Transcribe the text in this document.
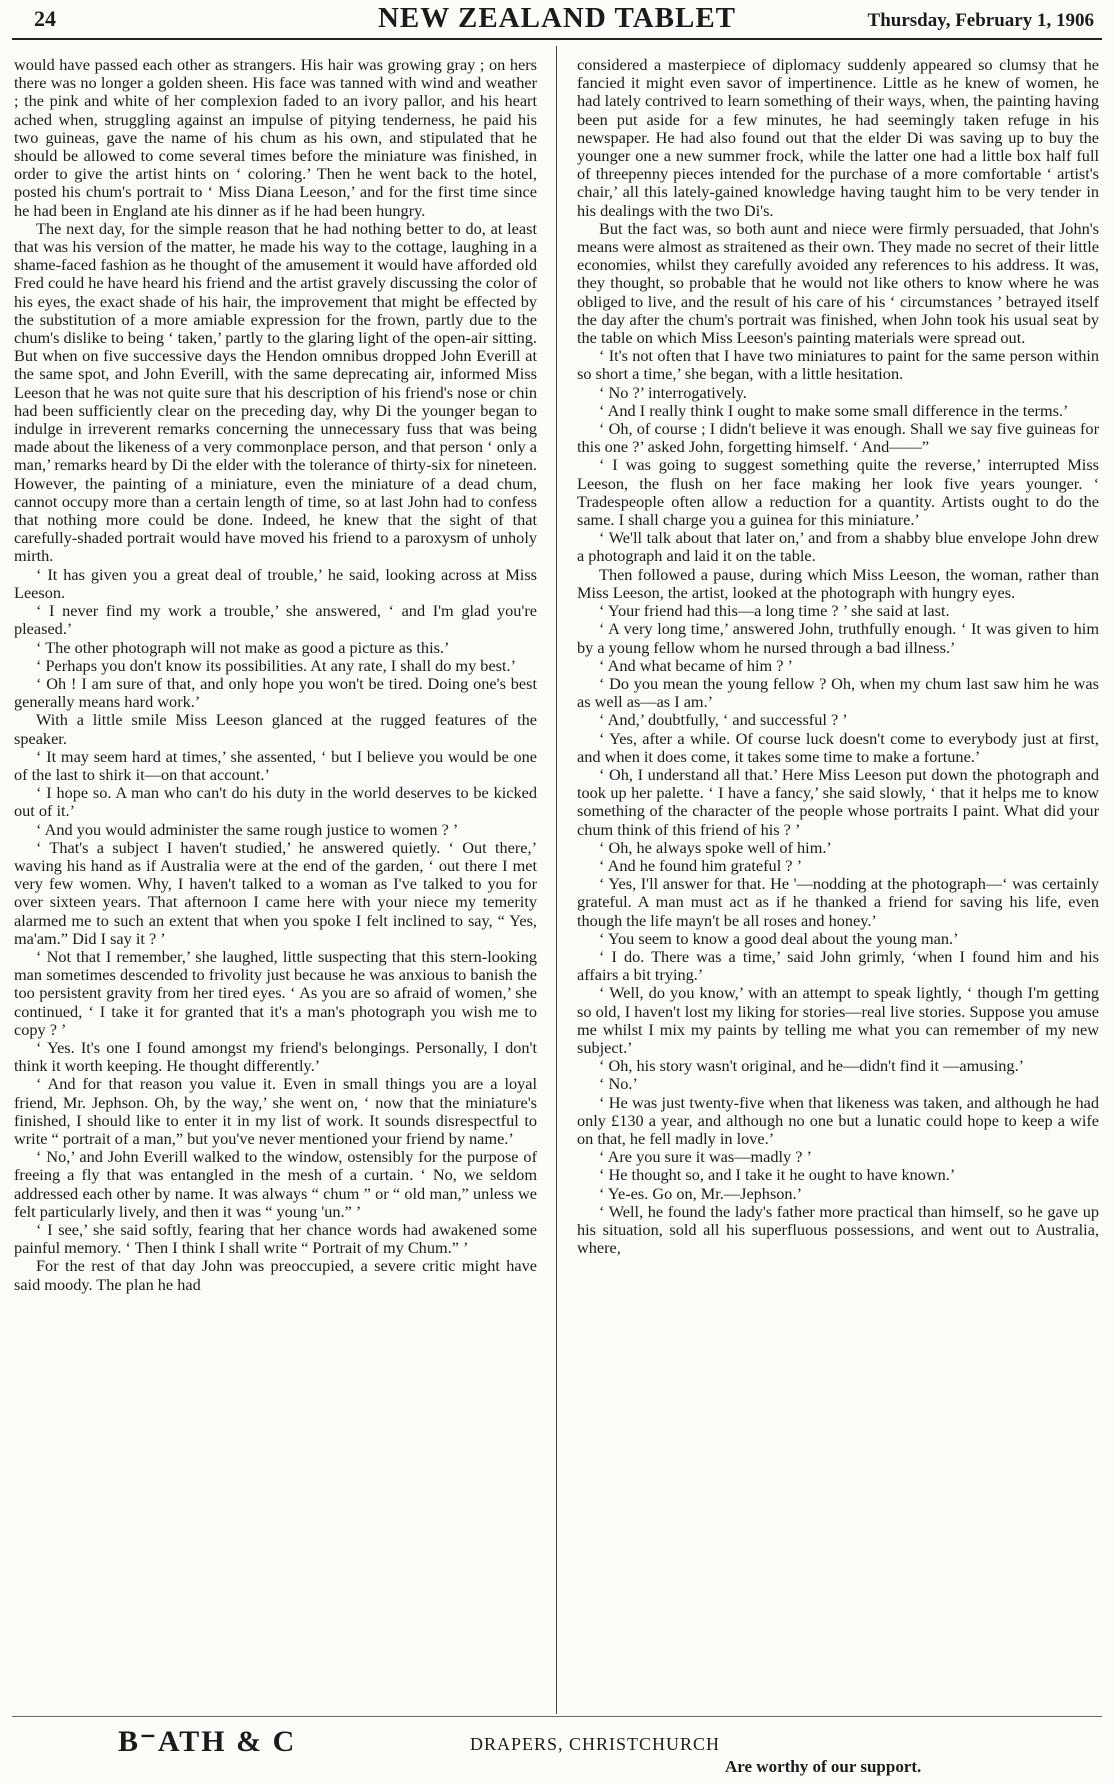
24	NEW ZEALAND TABLET	Thursday, February 1, 1906

would have passed each other as strangers. His hair was growing gray ; on hers there was no longer a golden sheen. His face was tanned with wind and weather ; the pink and white of her complexion faded to an ivory pallor, and his heart ached when, struggling against an impulse of pitying tenderness, he paid his two guineas, gave the name of his chum as his own, and stipulated that he should be allowed to come several times before the miniature was finished, in order to give the artist hints on ‘ coloring.’ Then he went back to the hotel, posted his chum's portrait to ‘ Miss Diana Leeson,’ and for the first time since he had been in England ate his dinner as if he had been hungry.

The next day, for the simple reason that he had nothing better to do, at least that was his version of the matter, he made his way to the cottage, laughing in a shame-faced fashion as he thought of the amusement it would have afforded old Fred could he have heard his friend and the artist gravely discussing the color of his eyes, the exact shade of his hair, the improvement that might be effected by the substitution of a more amiable expression for the frown, partly due to the chum's dislike to being ‘ taken,’ partly to the glaring light of the open-air sitting. But when on five successive days the Hendon omnibus dropped John Everill at the same spot, and John Everill, with the same deprecating air, informed Miss Leeson that he was not quite sure that his description of his friend's nose or chin had been sufficiently clear on the preceding day, why Di the younger began to indulge in irreverent remarks concerning the unnecessary fuss that was being made about the likeness of a very commonplace person, and that person ‘ only a man,’ remarks heard by Di the elder with the tolerance of thirty-six for nineteen. However, the painting of a miniature, even the miniature of a dead chum, cannot occupy more than a certain length of time, so at last John had to confess that nothing more could be done. Indeed, he knew that the sight of that carefully-shaded portrait would have moved his friend to a paroxysm of unholy mirth.

‘ It has given you a great deal of trouble,’ he said, looking across at Miss Leeson.

‘ I never find my work a trouble,’ she answered, ‘ and I'm glad you're pleased.’

‘ The other photograph will not make as good a picture as this.’

‘ Perhaps you don't know its possibilities. At any rate, I shall do my best.’

‘ Oh ! I am sure of that, and only hope you won't be tired. Doing one's best generally means hard work.’

With a little smile Miss Leeson glanced at the rugged features of the speaker.

‘ It may seem hard at times,’ she assented, ‘ but I believe you would be one of the last to shirk it—on that account.’

‘ I hope so. A man who can't do his duty in the world deserves to be kicked out of it.’

‘ And you would administer the same rough justice to women ? ’

‘ That's a subject I haven't studied,’ he answered quietly. ‘ Out there,’ waving his hand as if Australia were at the end of the garden, ‘ out there I met very few women. Why, I haven't talked to a woman as I've talked to you for over sixteen years. That afternoon I came here with your niece my temerity alarmed me to such an extent that when you spoke I felt inclined to say, “ Yes, ma'am.” Did I say it ? ’

‘ Not that I remember,’ she laughed, little suspecting that this stern-looking man sometimes descended to frivolity just because he was anxious to banish the too persistent gravity from her tired eyes. ‘ As you are so afraid of women,’ she continued, ‘ I take it for granted that it's a man's photograph you wish me to copy ? ’

‘ Yes. It's one I found amongst my friend's belongings. Personally, I don't think it worth keeping. He thought differently.’

‘ And for that reason you value it. Even in small things you are a loyal friend, Mr. Jephson. Oh, by the way,’ she went on, ‘ now that the miniature's finished, I should like to enter it in my list of work. It sounds disrespectful to write “ portrait of a man,” but you've never mentioned your friend by name.’

‘ No,’ and John Everill walked to the window, ostensibly for the purpose of freeing a fly that was entangled in the mesh of a curtain. ‘ No, we seldom addressed each other by name. It was always “ chum ” or “ old man,” unless we felt particularly lively, and then it was “ young 'un.” ’

‘ I see,’ she said softly, fearing that her chance words had awakened some painful memory. ‘ Then I think I shall write “ Portrait of my Chum.” ’

For the rest of that day John was preoccupied, a severe critic might have said moody. The plan he had

considered a masterpiece of diplomacy suddenly appeared so clumsy that he fancied it might even savor of impertinence. Little as he knew of women, he had lately contrived to learn something of their ways, when, the painting having been put aside for a few minutes, he had seemingly taken refuge in his newspaper. He had also found out that the elder Di was saving up to buy the younger one a new summer frock, while the latter one had a little box half full of threepenny pieces intended for the purchase of a more comfortable ‘ artist's chair,’ all this lately-gained knowledge having taught him to be very tender in his dealings with the two Di's.

But the fact was, so both aunt and niece were firmly persuaded, that John's means were almost as straitened as their own. They made no secret of their little economies, whilst they carefully avoided any references to his address. It was, they thought, so probable that he would not like others to know where he was obliged to live, and the result of his care of his ‘ circumstances ’ betrayed itself the day after the chum's portrait was finished, when John took his usual seat by the table on which Miss Leeson's painting materials were spread out.

‘ It's not often that I have two miniatures to paint for the same person within so short a time,’ she began, with a little hesitation.

‘ No ?’ interrogatively.

‘ And I really think I ought to make some small difference in the terms.’

‘ Oh, of course ; I didn't believe it was enough. Shall we say five guineas for this one ?’ asked John, forgetting himself. ‘ And——”

‘ I was going to suggest something quite the reverse,’ interrupted Miss Leeson, the flush on her face making her look five years younger. ‘ Tradespeople often allow a reduction for a quantity. Artists ought to do the same. I shall charge you a guinea for this miniature.’

‘ We'll talk about that later on,’ and from a shabby blue envelope John drew a photograph and laid it on the table.

Then followed a pause, during which Miss Leeson, the woman, rather than Miss Leeson, the artist, looked at the photograph with hungry eyes.

‘ Your friend had this—a long time ? ’ she said at last.

‘ A very long time,’ answered John, truthfully enough. ‘ It was given to him by a young fellow whom he nursed through a bad illness.’

‘ And what became of him ? ’

‘ Do you mean the young fellow ? Oh, when my chum last saw him he was as well as—as I am.’

‘ And,’ doubtfully, ‘ and successful ? ’

‘ Yes, after a while. Of course luck doesn't come to everybody just at first, and when it does come, it takes some time to make a fortune.’

‘ Oh, I understand all that.’ Here Miss Leeson put down the photograph and took up her palette. ‘ I have a fancy,’ she said slowly, ‘ that it helps me to know something of the character of the people whose portraits I paint. What did your chum think of this friend of his ? ’

‘ Oh, he always spoke well of him.’

‘ And he found him grateful ? ’

‘ Yes, I'll answer for that. He '—nodding at the photograph—‘ was certainly grateful. A man must act as if he thanked a friend for saving his life, even though the life mayn't be all roses and honey.’

‘ You seem to know a good deal about the young man.’

‘ I do. There was a time,’ said John grimly, ‘when I found him and his affairs a bit trying.’

‘ Well, do you know,’ with an attempt to speak lightly, ‘ though I'm getting so old, I haven't lost my liking for stories—real live stories. Suppose you amuse me whilst I mix my paints by telling me what you can remember of my new subject.’

‘ Oh, his story wasn't original, and he—didn't find it —amusing.’

‘ No.’

‘ He was just twenty-five when that likeness was taken, and although he had only £130 a year, and although no one but a lunatic could hope to keep a wife on that, he fell madly in love.’

‘ Are you sure it was—madly ? ’

‘ He thought so, and I take it he ought to have known.’

‘ Ye-es. Go on, Mr.—Jephson.’

‘ Well, he found the lady's father more practical than himself, so he gave up his situation, sold all his superfluous possessions, and went out to Australia, where,

B⁻ATH & C	DRAPERS, CHRISTCHURCH
Are worthy of our support.
